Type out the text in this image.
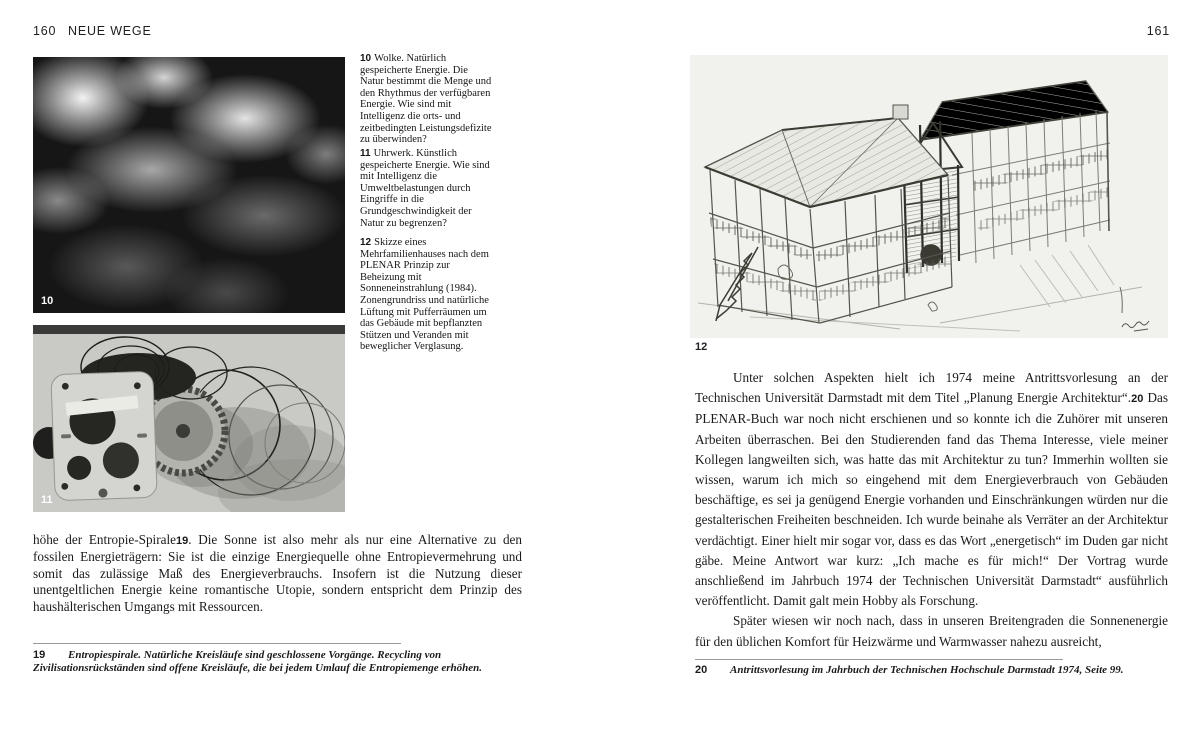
160 NEUE WEGE	161
10
11

10 Wolke. Natürlich gespeicherte Energie. Die Natur bestimmt die Menge und den Rhythmus der verfügbaren Energie. Wie sind mit Intelligenz die orts- und zeitbedingten Leistungsdefizite zu überwinden?

11 Uhrwerk. Künstlich gespeicherte Energie. Wie sind mit Intelligenz die Umweltbelastungen durch Eingriffe in die Grundgeschwindigkeit der Natur zu begrenzen?

12 Skizze eines Mehrfamilienhauses nach dem PLENAR Prinzip zur Beheizung mit Sonneneinstrahlung (1984). Zonengrundriss und natürliche Lüftung mit Pufferräumen um das Gebäude mit bepflanzten Stützen und Veranden mit beweglicher Verglasung.

höhe der Entropie-Spirale19. Die Sonne ist also mehr als nur eine Alternative zu den fossilen Energieträgern: Sie ist die einzige Energiequelle ohne Entropievermehrung und somit das zulässige Maß des Energieverbrauchs. Insofern ist die Nutzung dieser unentgeltlichen Energie keine romantische Utopie, sondern entspricht dem Prinzip des haushälterischen Umgangs mit Ressourcen.

19 Entropiespirale. Natürliche Kreisläufe sind geschlossene Vorgänge. Recycling von Zivilisationsrückständen sind offene Kreisläufe, die bei jedem Umlauf die Entropiemenge erhöhen.

12

Unter solchen Aspekten hielt ich 1974 meine Antrittsvorlesung an der Technischen Universität Darmstadt mit dem Titel „Planung Energie Architektur“.20 Das PLENAR-Buch war noch nicht erschienen und so konnte ich die Zuhörer mit unseren Arbeiten überraschen. Bei den Studierenden fand das Thema Interesse, viele meiner Kollegen langweilten sich, was hatte das mit Architektur zu tun? Immerhin wollten sie wissen, warum ich mich so eingehend mit dem Energieverbrauch von Gebäuden beschäftige, es sei ja genügend Energie vorhanden und Einschränkungen würden nur die gestalterischen Freiheiten beschneiden. Ich wurde beinahe als Verräter an der Architektur verdächtigt. Einer hielt mir sogar vor, dass es das Wort „energetisch“ im Duden gar nicht gäbe. Meine Antwort war kurz: „Ich mache es für mich!“ Der Vortrag wurde anschließend im Jahrbuch 1974 der Technischen Universität Darmstadt“ ausführlich veröffentlicht. Damit galt mein Hobby als Forschung.

Später wiesen wir noch nach, dass in unseren Breitengraden die Sonnenenergie für den üblichen Komfort für Heizwärme und Warmwasser nahezu ausreicht,

20 Antrittsvorlesung im Jahrbuch der Technischen Hochschule Darmstadt 1974, Seite 99.
